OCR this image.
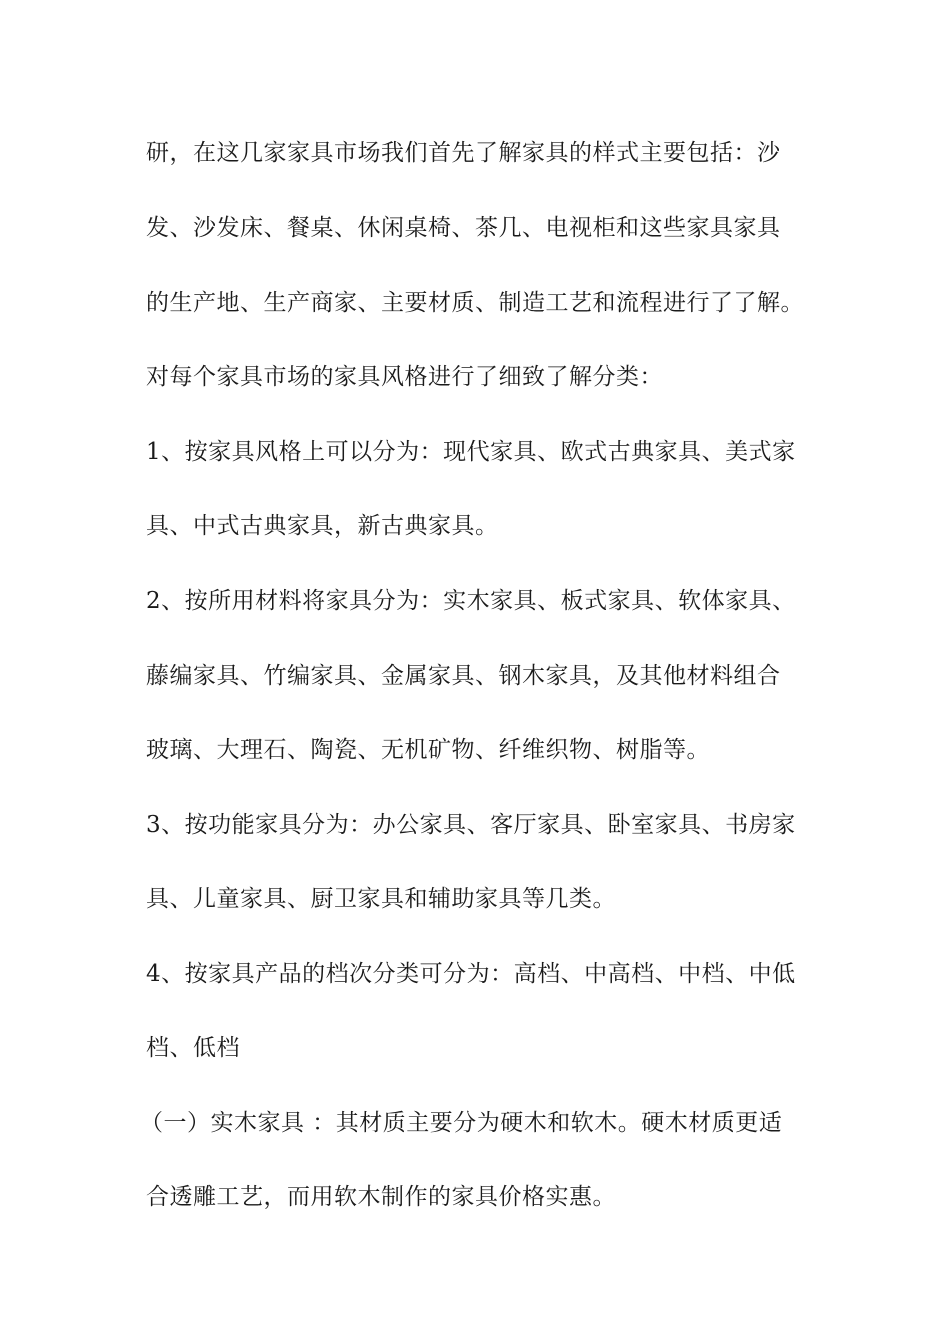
研，在这几家家具市场我们首先了解家具的样式主要包括：沙
发、沙发床、餐桌、休闲桌椅、茶几、电视柜和这些家具家具
的生产地、生产商家、主要材质、制造工艺和流程进行了了解。
对每个家具市场的家具风格进行了细致了解分类：
1、按家具风格上可以分为：现代家具、欧式古典家具、美式家
具、中式古典家具，新古典家具。
2、按所用材料将家具分为：实木家具、板式家具、软体家具、
藤编家具、竹编家具、金属家具、钢木家具，及其他材料组合
玻璃、大理石、陶瓷、无机矿物、纤维织物、树脂等。
3、按功能家具分为：办公家具、客厅家具、卧室家具、书房家
具、儿童家具、厨卫家具和辅助家具等几类。
4、按家具产品的档次分类可分为：高档、中高档、中档、中低
档、低档
（一）实木家具 ：其材质主要分为硬木和软木。硬木材质更适
合透雕工艺，而用软木制作的家具价格实惠。
